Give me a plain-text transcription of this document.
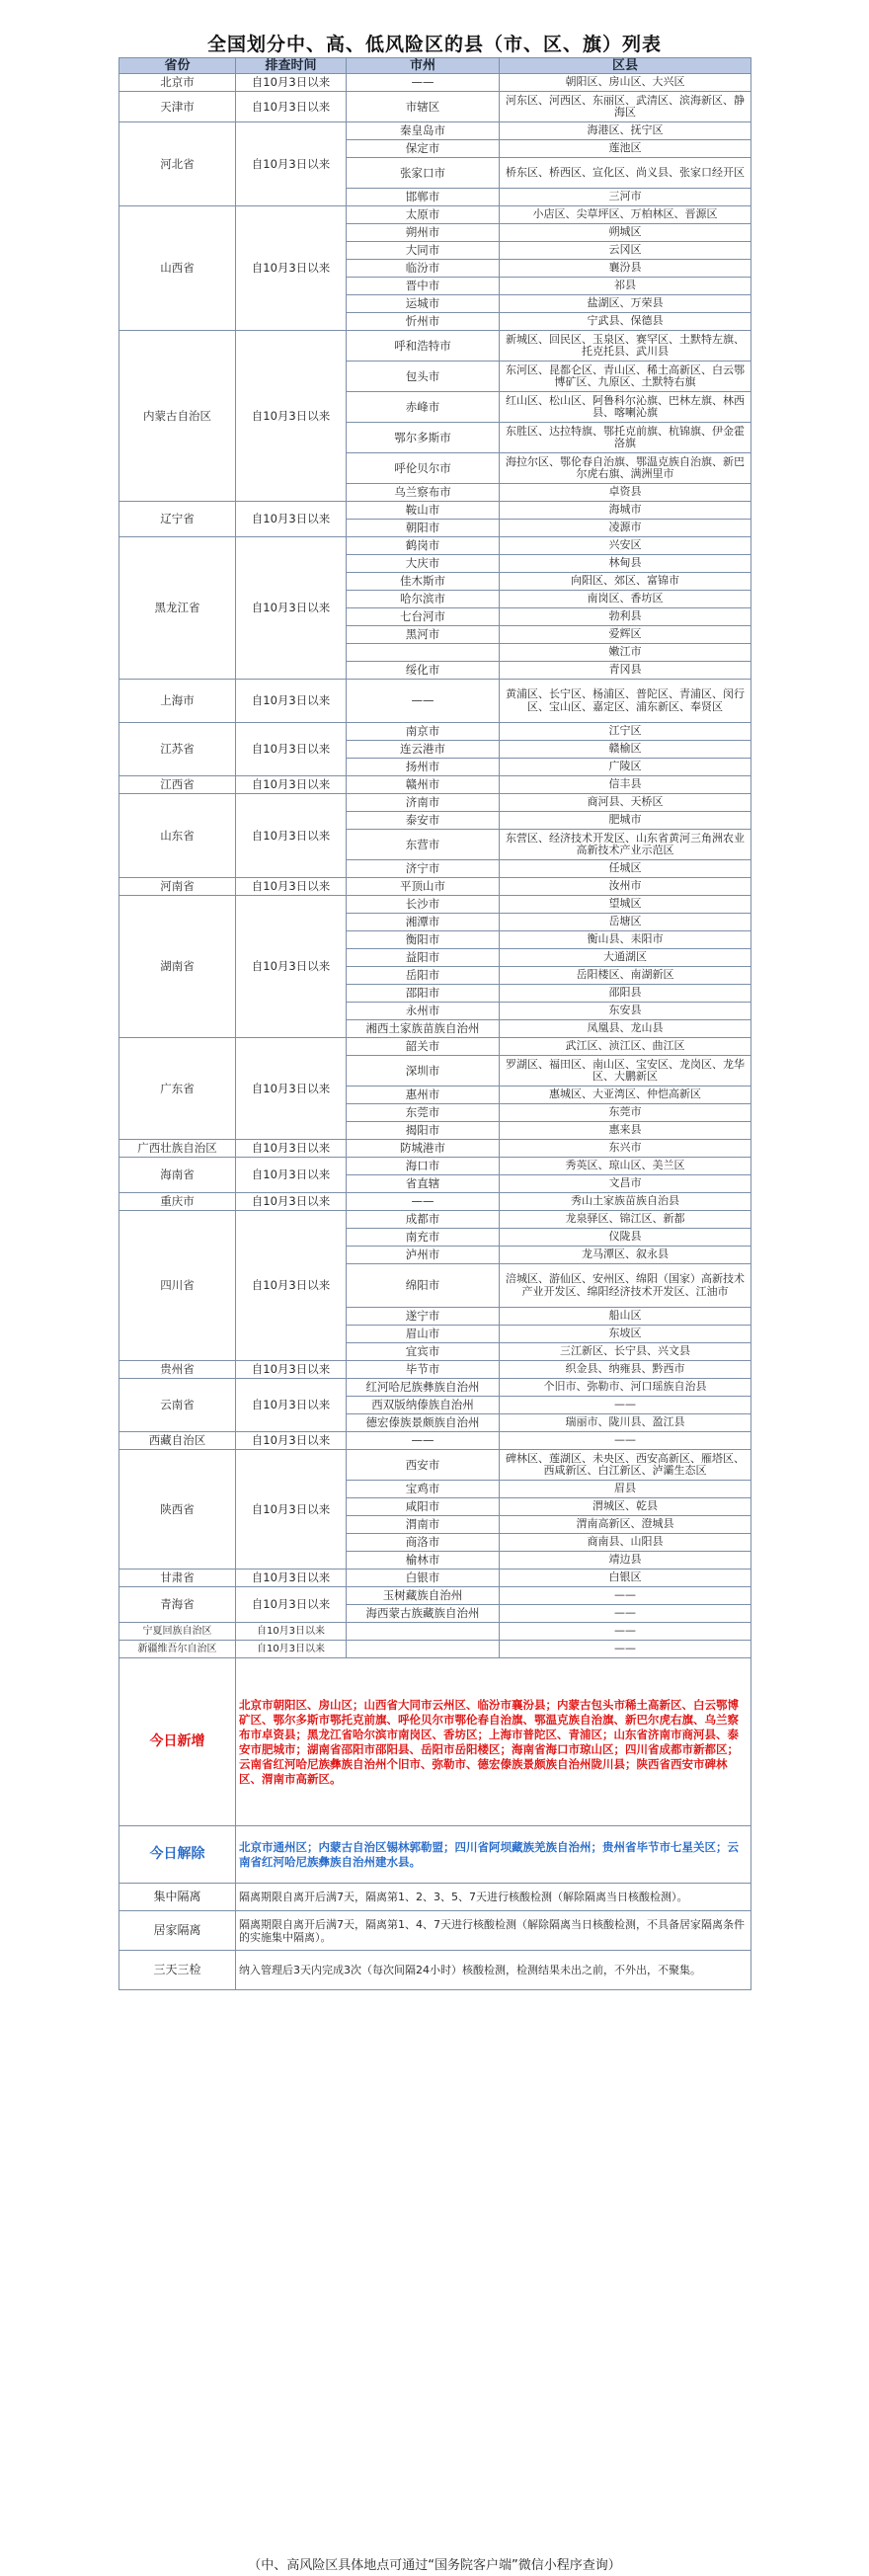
全国划分中、高、低风险区的县（市、区、旗）列表
省份	排查时间	市州	区县
北京市	自10月3日以来	——	朝阳区、房山区、大兴区
天津市	自10月3日以来	市辖区	河东区、河西区、东丽区、武清区、滨海新区、静海区
河北省	自10月3日以来	秦皇岛市	海港区、抚宁区
		保定市	莲池区
		张家口市	桥东区、桥西区、宣化区、尚义县、张家口经开区
		邯郸市	三河市
山西省	自10月3日以来	太原市	小店区、尖草坪区、万柏林区、晋源区
		朔州市	朔城区
		大同市	云冈区
		临汾市	襄汾县
		晋中市	祁县
		运城市	盐湖区、万荣县
		忻州市	宁武县、保德县
内蒙古自治区	自10月3日以来	呼和浩特市	新城区、回民区、玉泉区、赛罕区、土默特左旗、托克托县、武川县
		包头市	东河区、昆都仑区、青山区、稀土高新区、白云鄂博矿区、九原区、土默特右旗
		赤峰市	红山区、松山区、阿鲁科尔沁旗、巴林左旗、林西县、喀喇沁旗
		鄂尔多斯市	东胜区、达拉特旗、鄂托克前旗、杭锦旗、伊金霍洛旗
		呼伦贝尔市	海拉尔区、鄂伦春自治旗、鄂温克族自治旗、新巴尔虎右旗、满洲里市
		乌兰察布市	卓资县
辽宁省	自10月3日以来	鞍山市	海城市
		朝阳市	凌源市
黑龙江省	自10月3日以来	鹤岗市	兴安区
		大庆市	林甸县
		佳木斯市	向阳区、郊区、富锦市
		哈尔滨市	南岗区、香坊区
		七台河市	勃利县
		黑河市	爱辉区
			嫩江市
		绥化市	青冈县
上海市	自10月3日以来	——	黄浦区、长宁区、杨浦区、普陀区、青浦区、闵行区、宝山区、嘉定区、浦东新区、奉贤区
江苏省	自10月3日以来	南京市	江宁区
		连云港市	赣榆区
		扬州市	广陵区
江西省	自10月3日以来	赣州市	信丰县
山东省	自10月3日以来	济南市	商河县、天桥区
		泰安市	肥城市
		东营市	东营区、经济技术开发区、山东省黄河三角洲农业高新技术产业示范区
		济宁市	任城区
河南省	自10月3日以来	平顶山市	汝州市
湖南省	自10月3日以来	长沙市	望城区
		湘潭市	岳塘区
		衡阳市	衡山县、耒阳市
		益阳市	大通湖区
		岳阳市	岳阳楼区、南湖新区
		邵阳市	邵阳县
		永州市	东安县
		湘西土家族苗族自治州	凤凰县、龙山县
广东省	自10月3日以来	韶关市	武江区、浈江区、曲江区
		深圳市	罗湖区、福田区、南山区、宝安区、龙岗区、龙华区、大鹏新区
		惠州市	惠城区、大亚湾区、仲恺高新区
		东莞市	东莞市
		揭阳市	惠来县
广西壮族自治区	自10月3日以来	防城港市	东兴市
海南省	自10月3日以来	海口市	秀英区、琼山区、美兰区
		省直辖	文昌市
重庆市	自10月3日以来	——	秀山土家族苗族自治县
四川省	自10月3日以来	成都市	龙泉驿区、锦江区、新都
		南充市	仪陇县
		泸州市	龙马潭区、叙永县
		绵阳市	涪城区、游仙区、安州区、绵阳（国家）高新技术产业开发区、绵阳经济技术开发区、江油市
		遂宁市	船山区
		眉山市	东坡区
		宜宾市	三江新区、长宁县、兴文县
贵州省	自10月3日以来	毕节市	织金县、纳雍县、黔西市
云南省	自10月3日以来	红河哈尼族彝族自治州	个旧市、弥勒市、河口瑶族自治县
		西双版纳傣族自治州	——
		德宏傣族景颇族自治州	瑞丽市、陇川县、盈江县
西藏自治区	自10月3日以来	——	——
陕西省	自10月3日以来	西安市	碑林区、莲湖区、未央区、西安高新区、雁塔区、西咸新区、白江新区、泸灞生态区
		宝鸡市	眉县
		咸阳市	渭城区、乾县
		渭南市	渭南高新区、澄城县
		商洛市	商南县、山阳县
		榆林市	靖边县
甘肃省	自10月3日以来	白银市	白银区
青海省	自10月3日以来	玉树藏族自治州	——
		海西蒙古族藏族自治州	——
宁夏回族自治区	自10月3日以来		——
新疆维吾尔自治区	自10月3日以来		——
今日新增	北京市朝阳区、房山区；山西省大同市云州区、临汾市襄汾县；内蒙古包头市稀土高新区、白云鄂博矿区、鄂尔多斯市鄂托克前旗、呼伦贝尔市鄂伦春自治旗、鄂温克族自治旗、新巴尔虎右旗、乌兰察布市卓资县；黑龙江省哈尔滨市南岗区、香坊区；上海市普陀区、青浦区；山东省济南市商河县、泰安市肥城市；湖南省邵阳市邵阳县、岳阳市岳阳楼区；海南省海口市琼山区；四川省成都市新都区；云南省红河哈尼族彝族自治州个旧市、弥勒市、德宏傣族景颇族自治州陇川县；陕西省西安市碑林区、渭南市高新区。		
今日解除	北京市通州区；内蒙古自治区锡林郭勒盟；四川省阿坝藏族羌族自治州；贵州省毕节市七星关区；云南省红河哈尼族彝族自治州建水县。		
集中隔离	隔离期限自离开后满7天，隔离第1、2、3、5、7天进行核酸检测（解除隔离当日核酸检测）。		
居家隔离	隔离期限自离开后满7天，隔离第1、4、7天进行核酸检测（解除隔离当日核酸检测，不具备居家隔离条件的实施集中隔离）。		
三天三检	纳入管理后3天内完成3次（每次间隔24小时）核酸检测，检测结果未出之前，不外出，不聚集。		
（中、高风险区具体地点可通过“国务院客户端”微信小程序查询）
